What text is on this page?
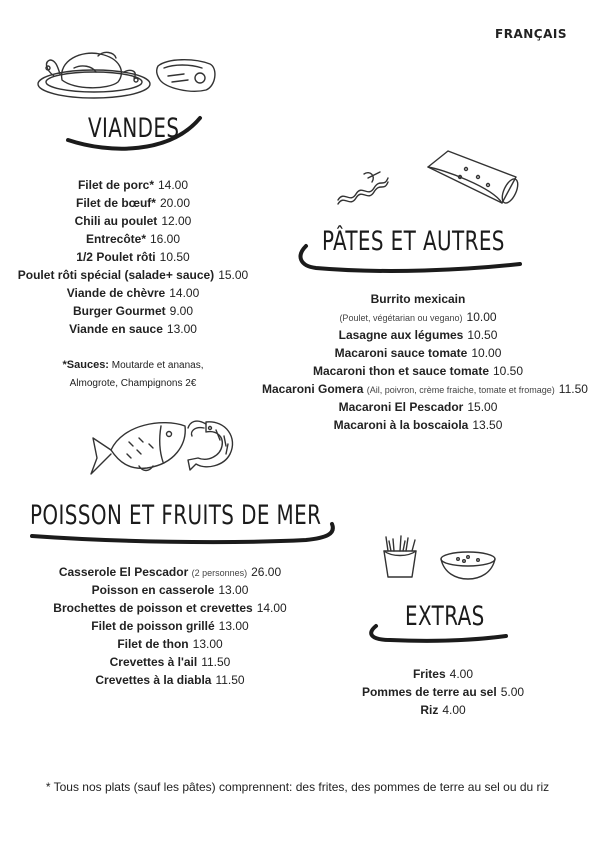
FRANÇAIS
VIANDES
PÂTES ET AUTRES
POISSON ET FRUITS DE MER
EXTRAS
Filet de porc* 14.00
Filet de bœuf* 20.00
Chili au poulet 12.00
Entrecôte* 16.00
1/2 Poulet rôti 10.50
Poulet rôti spécial (salade+ sauce) 15.00
Viande de chèvre 14.00
Burger Gourmet 9.00
Viande en sauce 13.00
*Sauces: Moutarde et ananas,
Almogrote, Champignons 2€
Burrito mexicain
(Poulet, végétarian ou vegano) 10.00
Lasagne aux légumes 10.50
Macaroni sauce tomate 10.00
Macaroni thon et sauce tomate 10.50
Macaroni Gomera (Ail, poivron, crème fraiche, tomate et fromage) 11.50
Macaroni El Pescador 15.00
Macaroni à la boscaiola 13.50
Casserole El Pescador (2 personnes) 26.00
Poisson en casserole 13.00
Brochettes de poisson et crevettes 14.00
Filet de poisson grillé 13.00
Filet de thon 13.00
Crevettes à l'ail 11.50
Crevettes à la diabla 11.50	Frites 4.00
Pommes de terre au sel 5.00
Riz 4.00
* Tous nos plats (sauf les pâtes) comprennent: des frites, des pommes de terre au sel ou du riz
